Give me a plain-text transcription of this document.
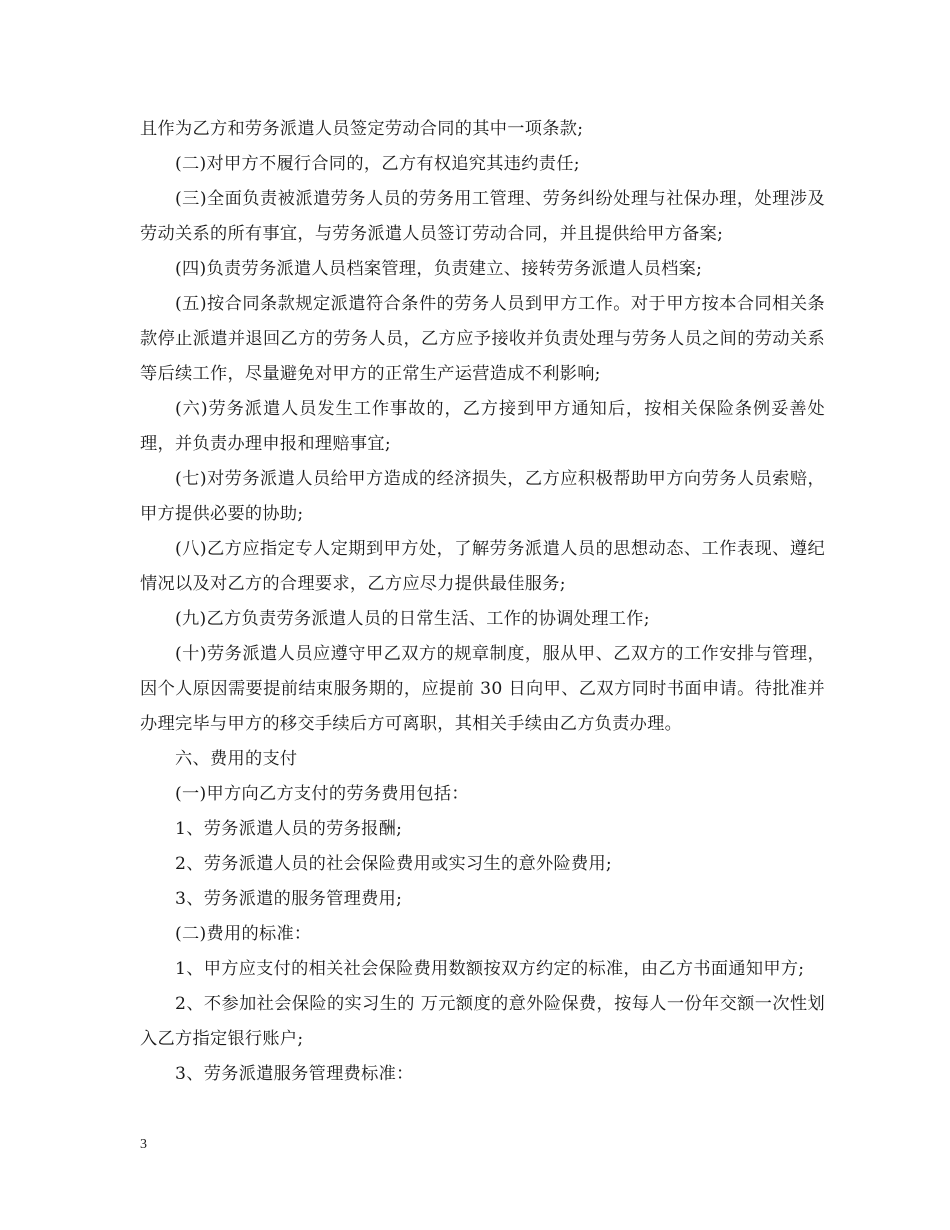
且作为乙方和劳务派遣人员签定劳动合同的其中一项条款;

(二)对甲方不履行合同的，乙方有权追究其违约责任;

(三)全面负责被派遣劳务人员的劳务用工管理、劳务纠纷处理与社保办理，处理涉及劳动关系的所有事宜，与劳务派遣人员签订劳动合同，并且提供给甲方备案;

(四)负责劳务派遣人员档案管理，负责建立、接转劳务派遣人员档案;

(五)按合同条款规定派遣符合条件的劳务人员到甲方工作。对于甲方按本合同相关条款停止派遣并退回乙方的劳务人员，乙方应予接收并负责处理与劳务人员之间的劳动关系等后续工作，尽量避免对甲方的正常生产运营造成不利影响;

(六)劳务派遣人员发生工作事故的，乙方接到甲方通知后，按相关保险条例妥善处理，并负责办理申报和理赔事宜;

(七)对劳务派遣人员给甲方造成的经济损失，乙方应积极帮助甲方向劳务人员索赔，甲方提供必要的协助;

(八)乙方应指定专人定期到甲方处，了解劳务派遣人员的思想动态、工作表现、遵纪情况以及对乙方的合理要求，乙方应尽力提供最佳服务;

(九)乙方负责劳务派遣人员的日常生活、工作的协调处理工作;

(十)劳务派遣人员应遵守甲乙双方的规章制度，服从甲、乙双方的工作安排与管理，因个人原因需要提前结束服务期的，应提前 30 日向甲、乙双方同时书面申请。待批准并办理完毕与甲方的移交手续后方可离职，其相关手续由乙方负责办理。

六、费用的支付

(一)甲方向乙方支付的劳务费用包括：

1、劳务派遣人员的劳务报酬;

2、劳务派遣人员的社会保险费用或实习生的意外险费用;

3、劳务派遣的服务管理费用;

(二)费用的标准：

1、甲方应支付的相关社会保险费用数额按双方约定的标准，由乙方书面通知甲方;

2、不参加社会保险的实习生的 万元额度的意外险保费，按每人一份年交额一次性划入乙方指定银行账户;

3、劳务派遣服务管理费标准：

3
